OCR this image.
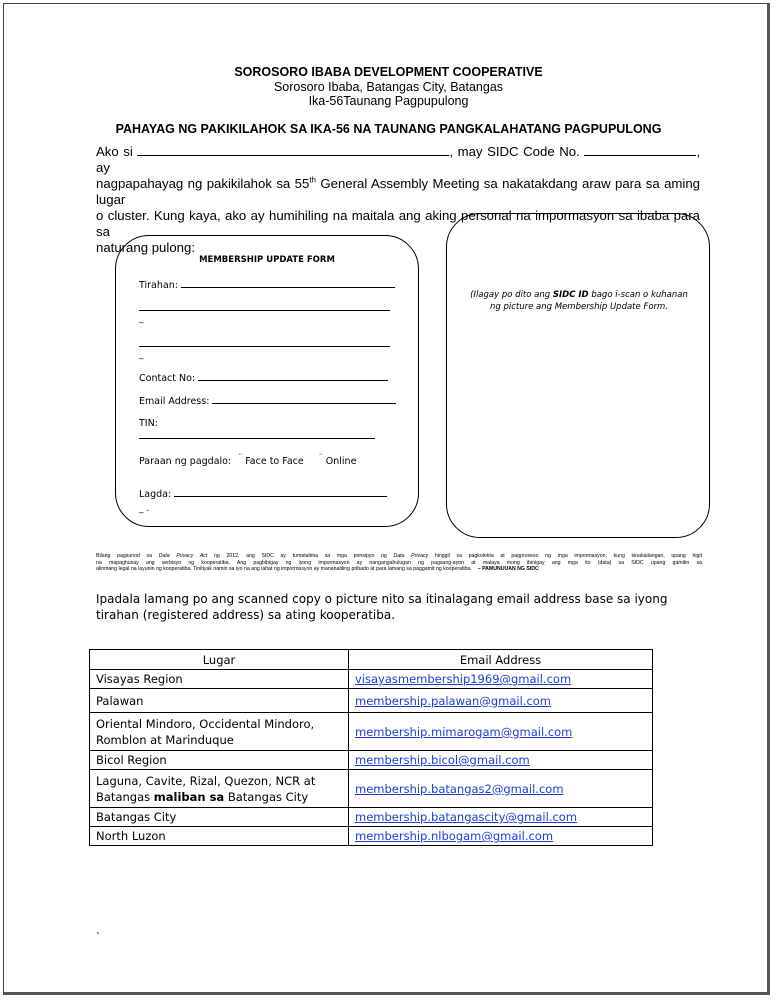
SOROSORO IBABA DEVELOPMENT COOPERATIVE
Sorosoro Ibaba, Batangas City, Batangas
Ika-56Taunang Pagpupulong
PAHAYAG NG PAKIKILAHOK SA IKA-56 NA TAUNANG PANGKALAHATANG PAGPUPULONG
Ako si	, may SIDC Code No.	, ay
nagpapahayag ng pakikilahok sa 55th General Assembly Meeting sa nakatakdang araw para sa aming lugar
o cluster. Kung kaya, ako ay humihiling na maitala ang aking personal na impormasyon sa ibaba para sa
naturang pulong:
MEMBERSHIP UPDATE FORM
Tirahan:
_
_
Contact No:
Email Address:
TIN:
Paraan ng pagdalo: ¨ Face to Face ¨ Online
Lagda:
_ .
(Ilagay po dito ang SIDC ID bago i-scan o kuhanan ng picture ang Membership Update Form.
Bilang pagsunod sa Data Privacy Act ng 2012, ang SIDC ay tumatalima sa mga prinsipyo ng Data Privacy hinggil sa pagkolekta at pagproseso ng mga impormasyon, kung kinakailangan, upang higit
na mapaghusay ang serbisyo ng kooperatiba. Ang pagbibigay ng iyong impormasyon ay nangangahulugan ng pagsang-ayon at malaya mong ibinigay ang mga ito (data) sa SIDC upang gamitin sa
alinmang legal na layunin ng kooperatiba. Tinitiyak namin sa iyo na ang lahat ng impormasyon ay mananatiling pribado at para lamang sa paggamit ng kooperatiba. – PAMUNUUAN NG SIDC
Ipadala lamang po ang scanned copy o picture nito sa itinalagang email address base sa iyong tirahan (registered address) sa ating kooperatiba.
Lugar	Email Address
Visayas Region	visayasmembership1969@gmail.com
Palawan	membership.palawan@gmail.com
Oriental Mindoro, Occidental Mindoro, Romblon at Marinduque	membership.mimarogam@gmail.com
Bicol Region	membership.bicol@gmail.com
Laguna, Cavite, Rizal, Quezon, NCR at Batangas maliban sa Batangas City	membership.batangas2@gmail.com
Batangas City	membership.batangascity@gmail.com
North Luzon	membership.nlbogam@gmail.com
`
